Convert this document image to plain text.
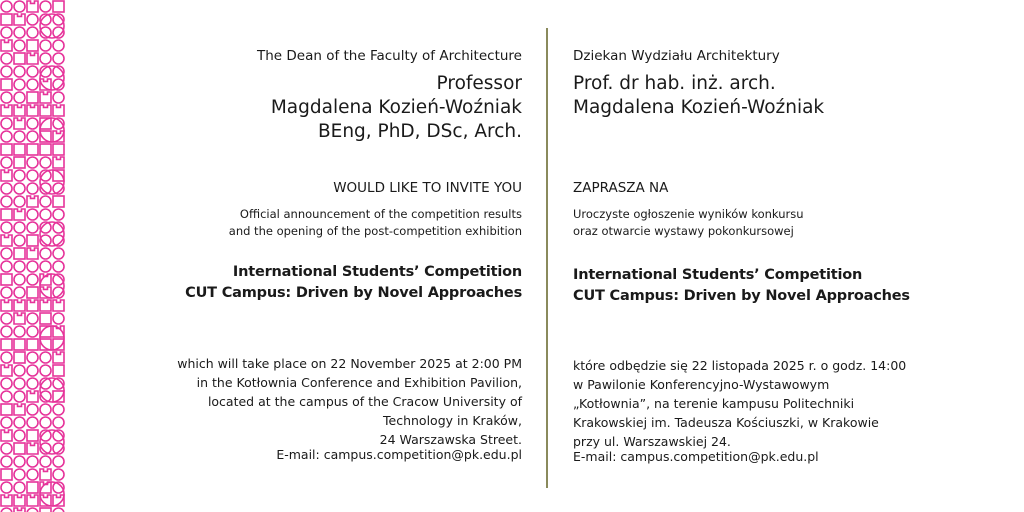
The Dean of the Faculty of Architecture
Professor
Magdalena Kozień-Woźniak
BEng, PhD, DSc, Arch.
WOULD LIKE TO INVITE YOU
Official announcement of the competition results
and the opening of the post-competition exhibition
International Students’ Competition
CUT Campus: Driven by Novel Approaches
which will take place on 22 November 2025 at 2:00 PM
in the Kotłownia Conference and Exhibition Pavilion,
located at the campus of the Cracow University of
Technology in Kraków,
24 Warszawska Street.
E-mail: campus.competition@pk.edu.pl
Dziekan Wydziału Architektury
Prof. dr hab. inż. arch.
Magdalena Kozień-Woźniak
ZAPRASZA NA
Uroczyste ogłoszenie wyników konkursu
oraz otwarcie wystawy pokonkursowej
International Students’ Competition
CUT Campus: Driven by Novel Approaches
które odbędzie się 22 listopada 2025 r. o godz. 14:00
w Pawilonie Konferencyjno-Wystawowym
„Kotłownia”, na terenie kampusu Politechniki
Krakowskiej im. Tadeusza Kościuszki, w Krakowie
przy ul. Warszawskiej 24.
E-mail: campus.competition@pk.edu.pl
